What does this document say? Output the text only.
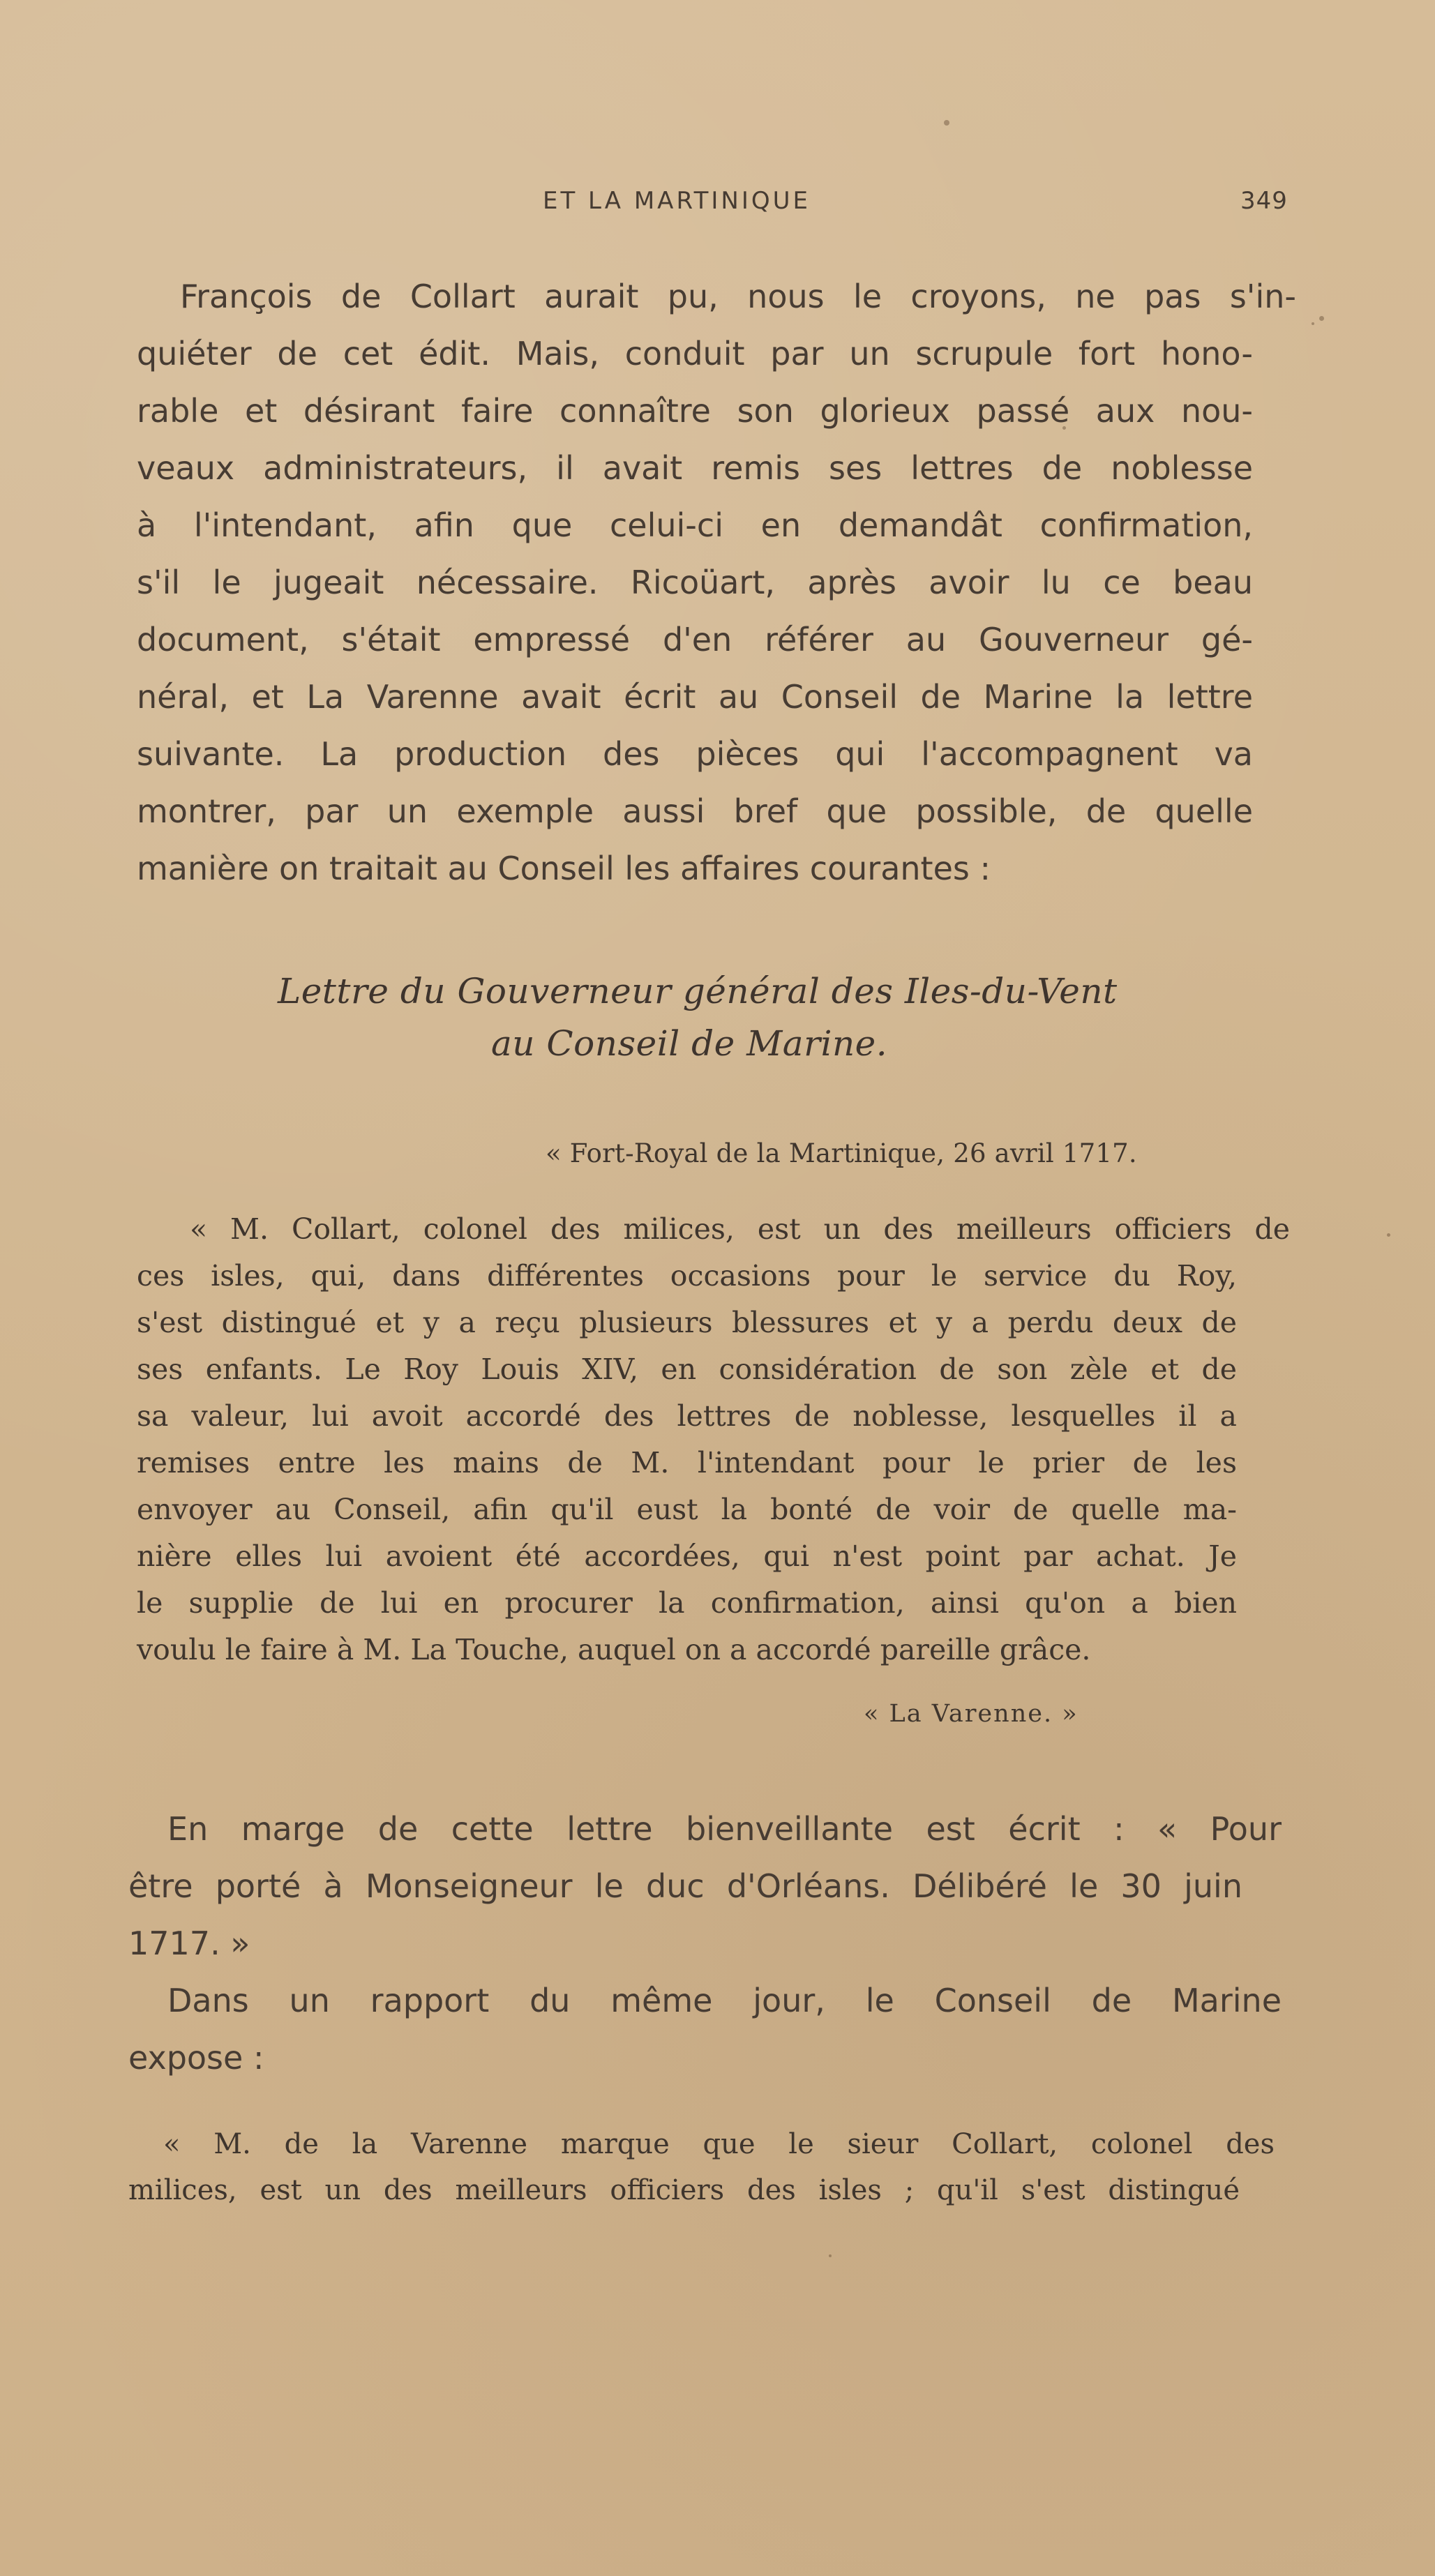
ET LA MARTINIQUE	349

François de Collart aurait pu, nous le croyons, ne pas s'in-

quiéter de cet édit. Mais, conduit par un scrupule fort hono-

rable et désirant faire connaître son glorieux passé aux nou-

veaux administrateurs, il avait remis ses lettres de noblesse

à l'intendant, afin que celui-ci en demandât confirmation,

s'il le jugeait nécessaire. Ricoüart, après avoir lu ce beau

document, s'était empressé d'en référer au Gouverneur gé-

néral, et La Varenne avait écrit au Conseil de Marine la lettre

suivante. La production des pièces qui l'accompagnent va

montrer, par un exemple aussi bref que possible, de quelle

manière on traitait au Conseil les affaires courantes :

Lettre du Gouverneur général des Iles-du-Vent
au Conseil de Marine.
« Fort-Royal de la Martinique, 26 avril 1717.

« M. Collart, colonel des milices, est un des meilleurs officiers de

ces isles, qui, dans différentes occasions pour le service du Roy,

s'est distingué et y a reçu plusieurs blessures et y a perdu deux de

ses enfants. Le Roy Louis XIV, en considération de son zèle et de

sa valeur, lui avoit accordé des lettres de noblesse, lesquelles il a

remises entre les mains de M. l'intendant pour le prier de les

envoyer au Conseil, afin qu'il eust la bonté de voir de quelle ma-

nière elles lui avoient été accordées, qui n'est point par achat. Je

le supplie de lui en procurer la confirmation, ainsi qu'on a bien

voulu le faire à M. La Touche, auquel on a accordé pareille grâce.

« La Varenne. »

En marge de cette lettre bienveillante est écrit : « Pour

être porté à Monseigneur le duc d'Orléans. Délibéré le 30 juin

1717. »

Dans un rapport du même jour, le Conseil de Marine

expose :

« M. de la Varenne marque que le sieur Collart, colonel des

milices, est un des meilleurs officiers des isles ; qu'il s'est distingué
